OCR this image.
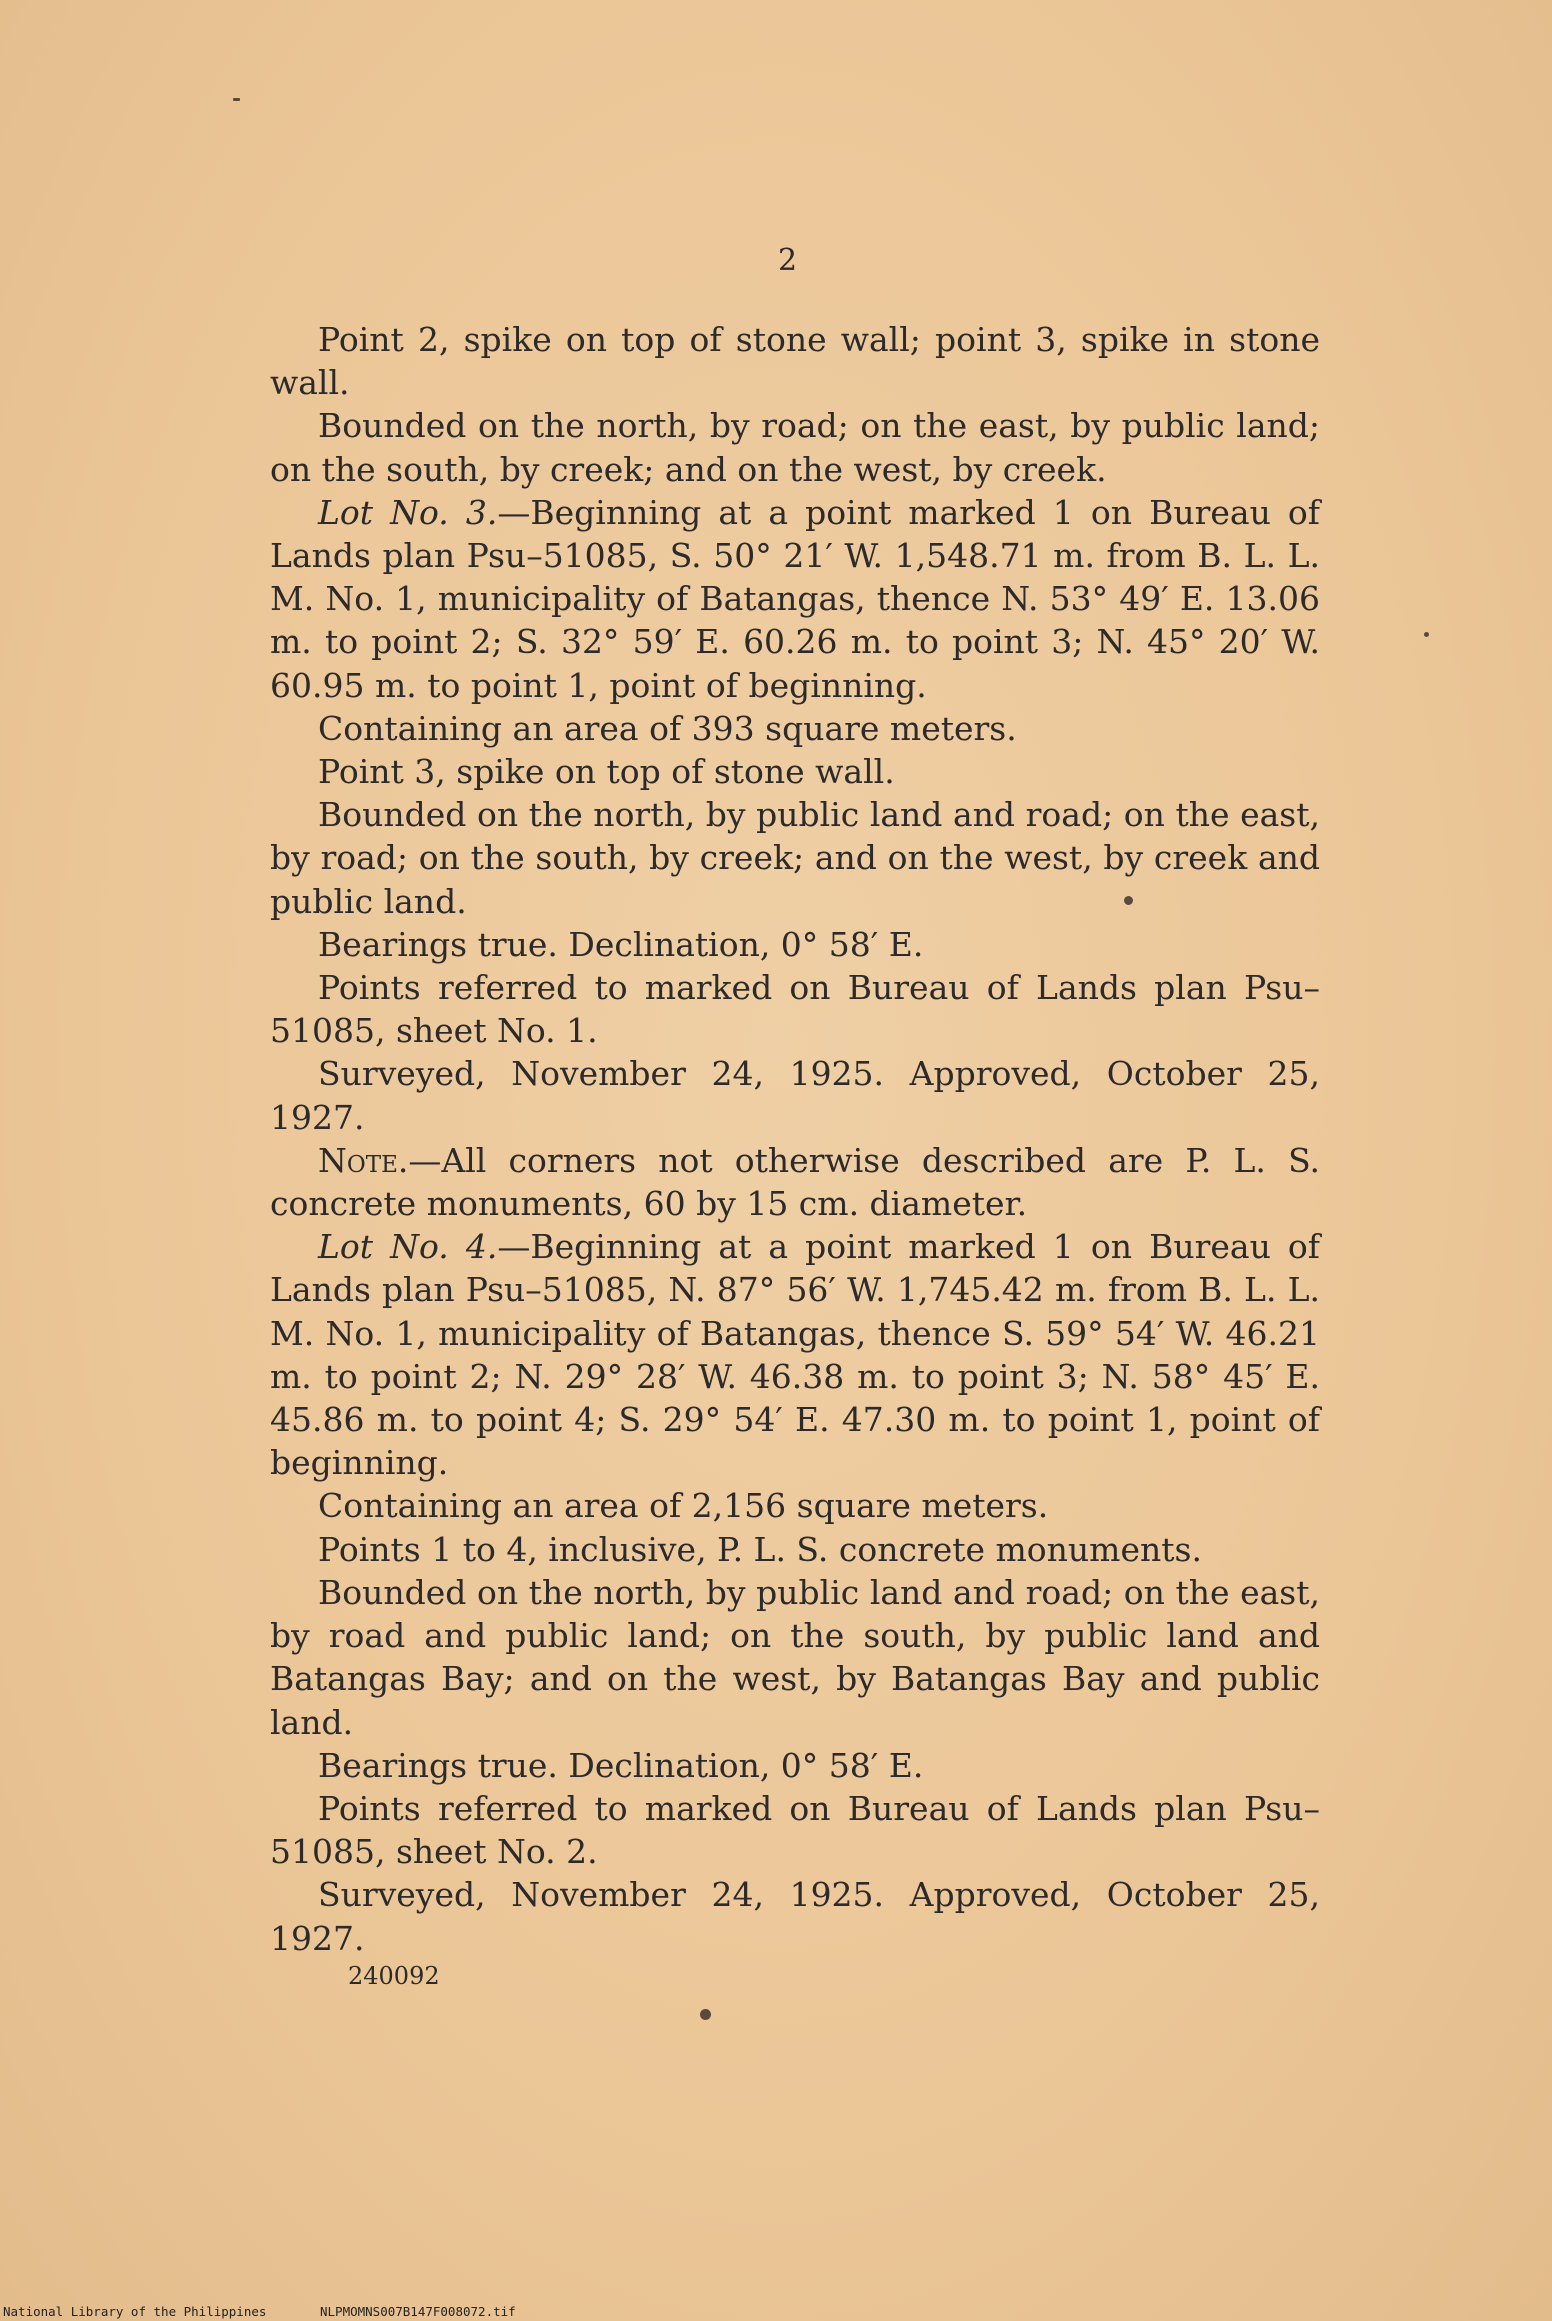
2

Point 2, spike on top of stone wall; point 3, spike in stone wall.

Bounded on the north, by road; on the east, by public land; on the south, by creek; and on the west, by creek.

Lot No. 3.—Beginning at a point marked 1 on Bureau of Lands plan Psu–51085, S. 50° 21′ W. 1,548.71 m. from B. L. L. M. No. 1, municipality of Batangas, thence N. 53° 49′ E. 13.06 m. to point 2; S. 32° 59′ E. 60.26 m. to point 3; N. 45° 20′ W. 60.95 m. to point 1, point of beginning.

Containing an area of 393 square meters.

Point 3, spike on top of stone wall.

Bounded on the north, by public land and road; on the east, by road; on the south, by creek; and on the west, by creek and public land.

Bearings true. Declination, 0° 58′ E.

Points referred to marked on Bureau of Lands plan Psu–51085, sheet No. 1.

Surveyed, November 24, 1925. Approved, October 25, 1927.

Note.—All corners not otherwise described are P. L. S. concrete monuments, 60 by 15 cm. diameter.

Lot No. 4.—Beginning at a point marked 1 on Bureau of Lands plan Psu–51085, N. 87° 56′ W. 1,745.42 m. from B. L. L. M. No. 1, municipality of Batangas, thence S. 59° 54′ W. 46.21 m. to point 2; N. 29° 28′ W. 46.38 m. to point 3; N. 58° 45′ E. 45.86 m. to point 4; S. 29° 54′ E. 47.30 m. to point 1, point of beginning.

Containing an area of 2,156 square meters.

Points 1 to 4, inclusive, P. L. S. concrete monuments.

Bounded on the north, by public land and road; on the east, by road and public land; on the south, by public land and Batangas Bay; and on the west, by Batangas Bay and public land.

Bearings true. Declination, 0° 58′ E.

Points referred to marked on Bureau of Lands plan Psu–51085, sheet No. 2.

Surveyed, November 24, 1925. Approved, October 25, 1927.

240092
National Library of the Philippines	NLPMOMNS007B147F008072.tif
